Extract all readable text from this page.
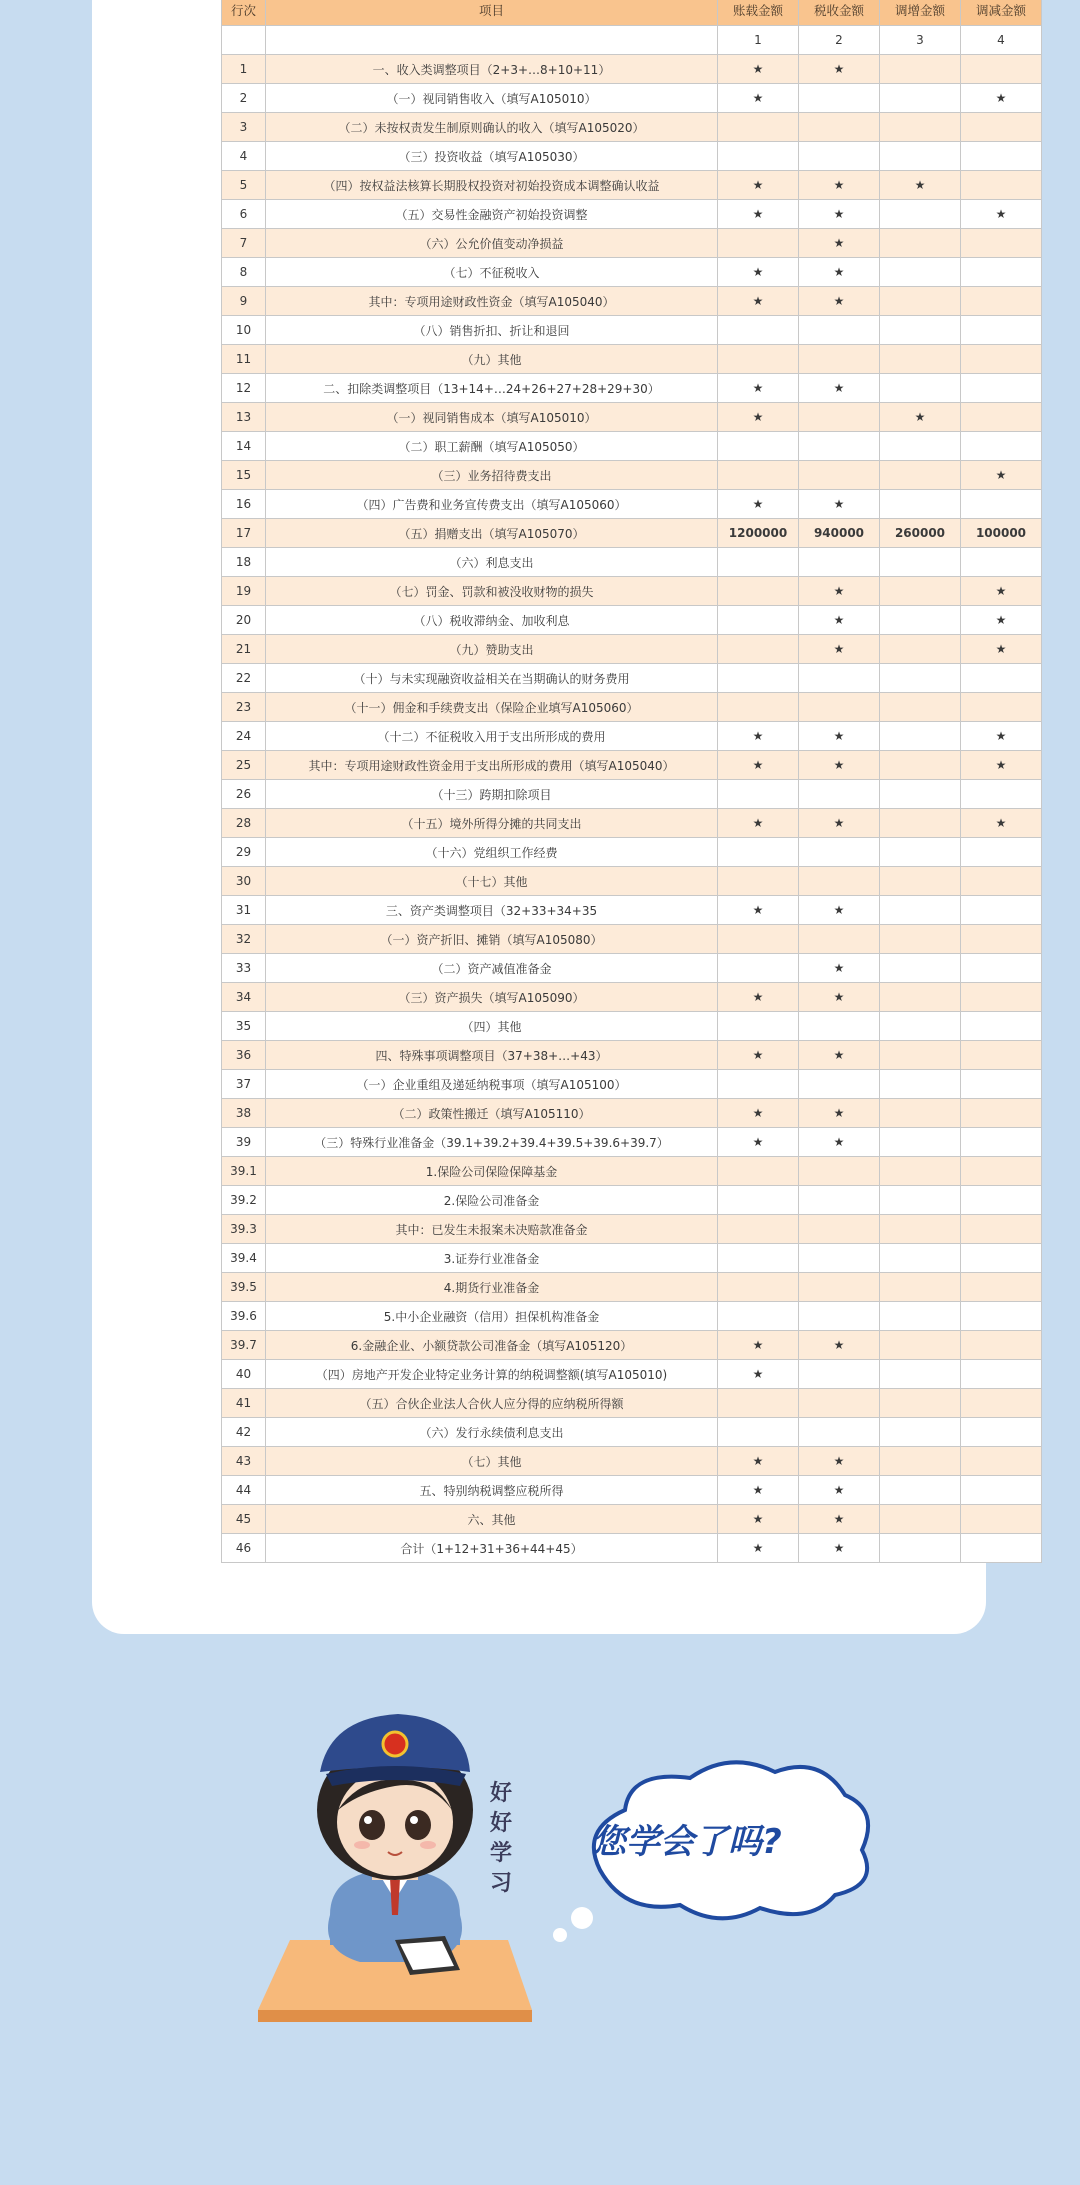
行次	项目	账载金额	税收金额	调增金额	调减金额
		1	2	3	4
1	一、收入类调整项目（2+3+…8+10+11）	★	★		
2	（一）视同销售收入（填写A105010）	★			★
3	（二）未按权责发生制原则确认的收入（填写A105020）				
4	（三）投资收益（填写A105030）				
5	（四）按权益法核算长期股权投资对初始投资成本调整确认收益	★	★	★	
6	（五）交易性金融资产初始投资调整	★	★		★
7	（六）公允价值变动净损益		★		
8	（七）不征税收入	★	★		
9	其中：专项用途财政性资金（填写A105040）	★	★		
10	（八）销售折扣、折让和退回				
11	（九）其他				
12	二、扣除类调整项目（13+14+…24+26+27+28+29+30）	★	★		
13	（一）视同销售成本（填写A105010）	★		★	
14	（二）职工薪酬（填写A105050）				
15	（三）业务招待费支出				★
16	（四）广告费和业务宣传费支出（填写A105060）	★	★		
17	（五）捐赠支出（填写A105070）	1200000	940000	260000	100000
18	（六）利息支出				
19	（七）罚金、罚款和被没收财物的损失		★		★
20	（八）税收滞纳金、加收利息		★		★
21	（九）赞助支出		★		★
22	（十）与未实现融资收益相关在当期确认的财务费用				
23	（十一）佣金和手续费支出（保险企业填写A105060）				
24	（十二）不征税收入用于支出所形成的费用	★	★		★
25	其中：专项用途财政性资金用于支出所形成的费用（填写A105040）	★	★		★
26	（十三）跨期扣除项目				
28	（十五）境外所得分摊的共同支出	★	★		★
29	（十六）党组织工作经费				
30	（十七）其他				
31	三、资产类调整项目（32+33+34+35	★	★		
32	（一）资产折旧、摊销（填写A105080）				
33	（二）资产减值准备金		★		
34	（三）资产损失（填写A105090）	★	★		
35	（四）其他				
36	四、特殊事项调整项目（37+38+…+43）	★	★		
37	（一）企业重组及递延纳税事项（填写A105100）				
38	（二）政策性搬迁（填写A105110）	★	★		
39	（三）特殊行业准备金（39.1+39.2+39.4+39.5+39.6+39.7）	★	★		
39.1	1.保险公司保险保障基金				
39.2	2.保险公司准备金				
39.3	其中：已发生未报案未决赔款准备金				
39.4	3.证券行业准备金				
39.5	4.期货行业准备金				
39.6	5.中小企业融资（信用）担保机构准备金				
39.7	6.金融企业、小额贷款公司准备金（填写A105120）	★	★		
40	（四）房地产开发企业特定业务计算的纳税调整额(填写A105010)	★			
41	（五）合伙企业法人合伙人应分得的应纳税所得额				
42	（六）发行永续债利息支出				
43	（七）其他	★	★		
44	五、特别纳税调整应税所得	★	★		
45	六、其他	★	★		
46	合计（1+12+31+36+44+45）	★	★		
好
好
学
习
您学会了吗?
